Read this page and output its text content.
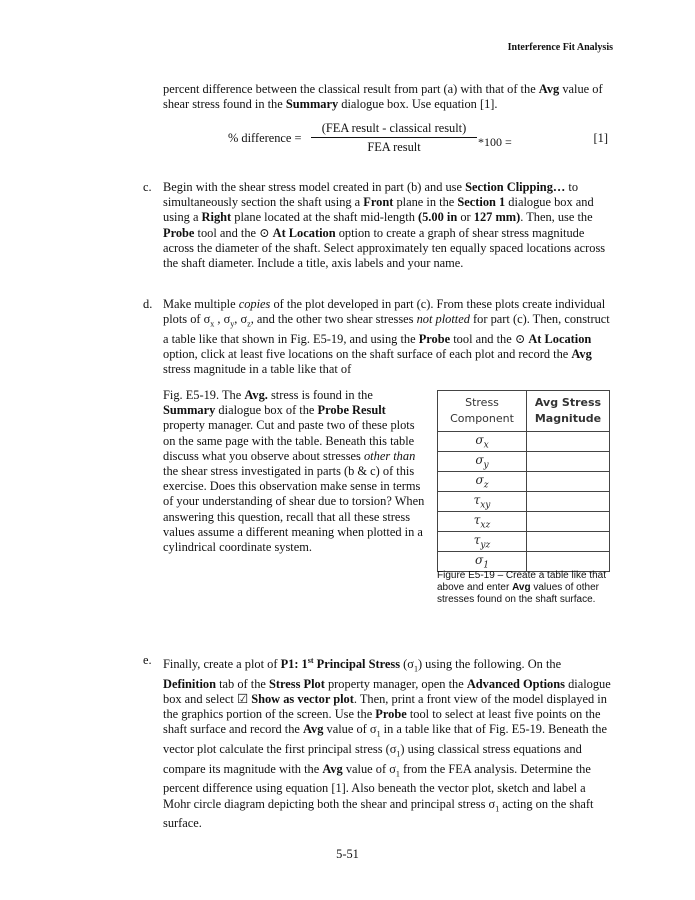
Interference Fit Analysis

percent difference between the classical result from part (a) with that of the Avg value of shear stress found in the Summary dialogue box. Use equation [1].

% difference =
(FEA result - classical result)
FEA result	*100 =	[1]
c. Begin with the shear stress model created in part (b) and use Section Clipping… to simultaneously section the shaft using a Front plane in the Section 1 dialogue box and using a Right plane located at the shaft mid-length (5.00 in or 127 mm). Then, use the Probe tool and the ⊙ At Location option to create a graph of shear stress magnitude across the diameter of the shaft. Select approximately ten equally spaced locations across the shaft diameter. Include a title, axis labels and your name.
d. Make multiple copies of the plot developed in part (c). From these plots create individual plots of $\sigma_x$ , $\sigma_y$, $\sigma_z$, and the other two shear stresses not plotted for part (c). Then, construct a table like that shown in Fig. E5-19, and using the Probe tool and the ⊙ At Location option, click at least five locations on the shaft surface of each plot and record the Avg stress magnitude in a table like that of
Fig. E5-19. The Avg. stress is found in the Summary dialogue box of the Probe Result property manager. Cut and paste two of these plots on the same page with the table. Beneath this table discuss what you observe about stresses other than the shear stress investigated in parts (b & c) of this exercise. Does this observation make sense in terms of your understanding of shear due to torsion? When answering this question, recall that all these stress values assume a different meaning when plotted in a cylindrical coordinate system.
Stress
Component	Avg Stress
Magnitude
$\sigma_x$	
$\sigma_y$	
$\sigma_z$	
$\tau_{xy}$	
$\tau_{xz}$	
$\tau_{yz}$	
$\sigma_1$	
Figure E5-19 – Create a table like that above and enter Avg values of other stresses found on the shaft surface.
e. Finally, create a plot of P1: 1st Principal Stress $(\sigma_1)$ using the following. On the Definition tab of the Stress Plot property manager, open the Advanced Options dialogue box and select ☑ Show as vector plot. Then, print a front view of the model displayed in the graphics portion of the screen. Use the Probe tool to select at least five points on the shaft surface and record the Avg value of $\sigma_1$ in a table like that of Fig. E5-19. Beneath the vector plot calculate the first principal stress $(\sigma_1)$ using classical stress equations and compare its magnitude with the Avg value of $\sigma_1$ from the FEA analysis. Determine the percent difference using equation [1]. Also beneath the vector plot, sketch and label a Mohr circle diagram depicting both the shear and principal stress $\sigma_1$ acting on the shaft surface.
5-51
